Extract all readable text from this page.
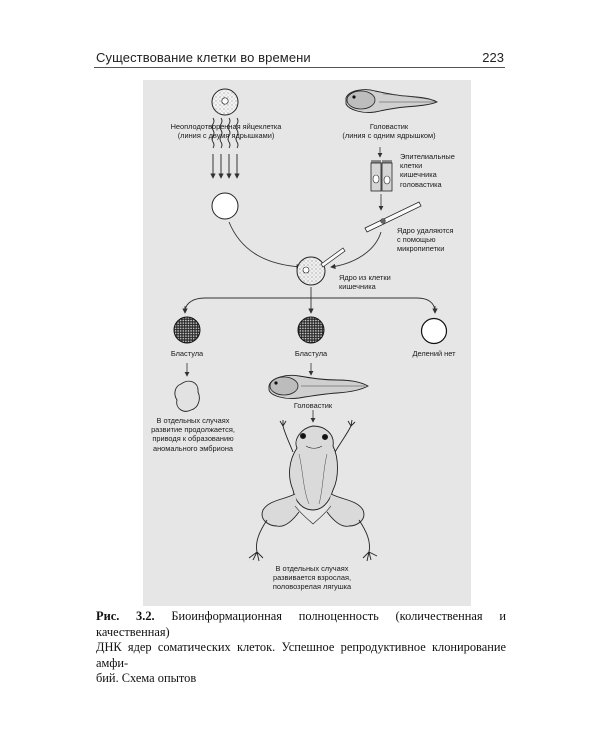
Существование клетки во времени	223
Неоплодотворенная яйцеклетка
(линия с двумя ядрышками)
Головастик
(линия с одним ядрышком)
Эпителиальные
клетки
кишечника
головастика
Ядро удаляются
с помощью
микропипетки
Ядро из клетки
кишечника
Бластула	Бластула	Делений нет
В отдельных случаях
развитие продолжается,
приводя к образованию
аномального эмбриона
Головастик
В отдельных случаях
развивается взрослая,
половозрелая лягушка
Рис. 3.2. Биоинформационная полноценность (количественная и качественная)
ДНК ядер соматических клеток. Успешное репродуктивное клонирование амфи-
бий. Схема опытов
